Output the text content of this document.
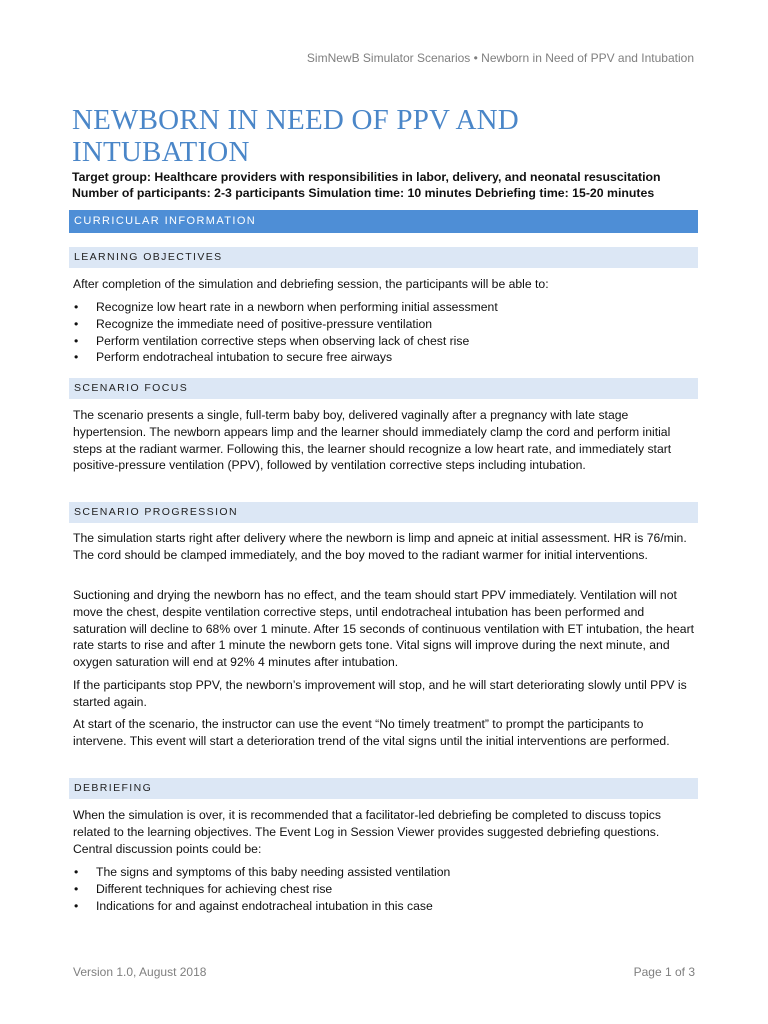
SimNewB Simulator Scenarios • Newborn in Need of PPV and Intubation
NEWBORN IN NEED OF PPV AND INTUBATION
Target group: Healthcare providers with responsibilities in labor, delivery, and neonatal resuscitation
Number of participants: 2-3 participants Simulation time: 10 minutes Debriefing time: 15-20 minutes
CURRICULAR INFORMATION
LEARNING OBJECTIVES

After completion of the simulation and debriefing session, the participants will be able to:

• Recognize low heart rate in a newborn when performing initial assessment
• Recognize the immediate need of positive-pressure ventilation
• Perform ventilation corrective steps when observing lack of chest rise
• Perform endotracheal intubation to secure free airways
SCENARIO FOCUS

The scenario presents a single, full-term baby boy, delivered vaginally after a pregnancy with late stage hypertension. The newborn appears limp and the learner should immediately clamp the cord and perform initial steps at the radiant warmer. Following this, the learner should recognize a low heart rate, and immediately start positive-pressure ventilation (PPV), followed by ventilation corrective steps including intubation.

SCENARIO PROGRESSION

The simulation starts right after delivery where the newborn is limp and apneic at initial assessment. HR is 76/min. The cord should be clamped immediately, and the boy moved to the radiant warmer for initial interventions.

Suctioning and drying the newborn has no effect, and the team should start PPV immediately. Ventilation will not move the chest, despite ventilation corrective steps, until endotracheal intubation has been performed and saturation will decline to 68% over 1 minute. After 15 seconds of continuous ventilation with ET intubation, the heart rate starts to rise and after 1 minute the newborn gets tone. Vital signs will improve during the next minute, and oxygen saturation will end at 92% 4 minutes after intubation.

If the participants stop PPV, the newborn’s improvement will stop, and he will start deteriorating slowly until PPV is started again.

At start of the scenario, the instructor can use the event “No timely treatment” to prompt the participants to intervene. This event will start a deterioration trend of the vital signs until the initial interventions are performed.

DEBRIEFING

When the simulation is over, it is recommended that a facilitator-led debriefing be completed to discuss topics related to the learning objectives. The Event Log in Session Viewer provides suggested debriefing questions. Central discussion points could be:

• The signs and symptoms of this baby needing assisted ventilation
• Different techniques for achieving chest rise
• Indications for and against endotracheal intubation in this case
Version 1.0, August 2018	Page 1 of 3
